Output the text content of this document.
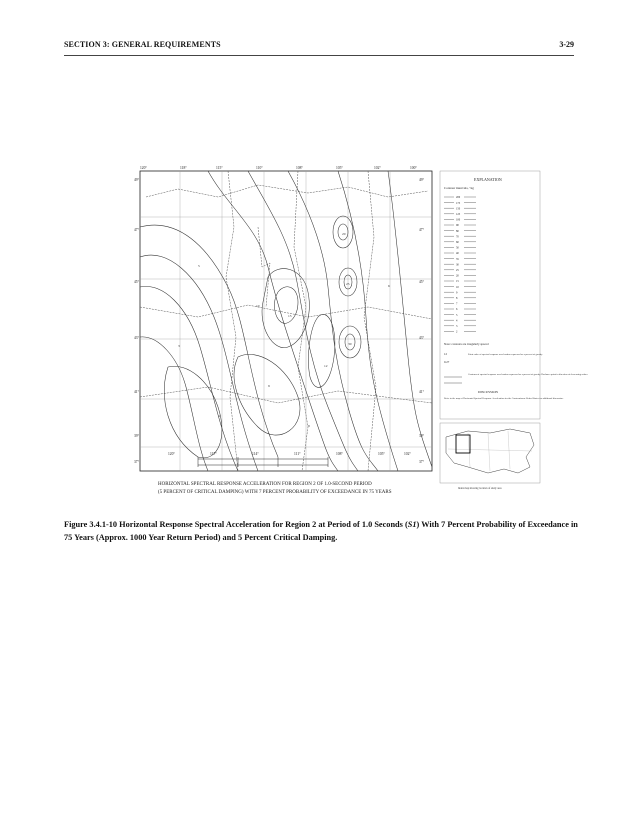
SECTION 3: GENERAL REQUIREMENTS	3-29
5
10
15
20
25
30
4
8
3
6
9
12
120°	118°	115°	110°	108°	105°	102°	100°
49°
47°
45°
43°
41°
39°
37°
49°
47°
45°
43°
41°
39°
37°
120°	117°	114°	111°	108°	105°	102°
HORIZONTAL SPECTRAL RESPONSE ACCELERATION FOR REGION 2 OF 1.0-SECOND PERIOD
(5 PERCENT OF CRITICAL DAMPING) WITH 7 PERCENT PROBABILITY OF EXCEEDANCE IN 75 YEARS
EXPLANATION
Contour intervals, %g
200
175
150
125
100
90
80
70
60
50
40
35
30
25
20
15
10
9
8
7
6
5
4
3
2
Note: contours are irregularly spaced
12
0.27
Point value of spectral response acceleration expressed as a percent of gravity
Contours of spectral response acceleration expressed as a percent of gravity. Hachures point in direction of decreasing values
DISCUSSION
Refer to the map of Horizontal Spectral Response Acceleration for the Conterminous United States for additional discussion.
Index map showing location of study area
Figure 3.4.1-10 Horizontal Response Spectral Acceleration for Region 2 at Period of 1.0 Seconds (S1) With 7 Percent Probability of Exceedance in 75 Years (Approx. 1000 Year Return Period) and 5 Percent Critical Damping.
